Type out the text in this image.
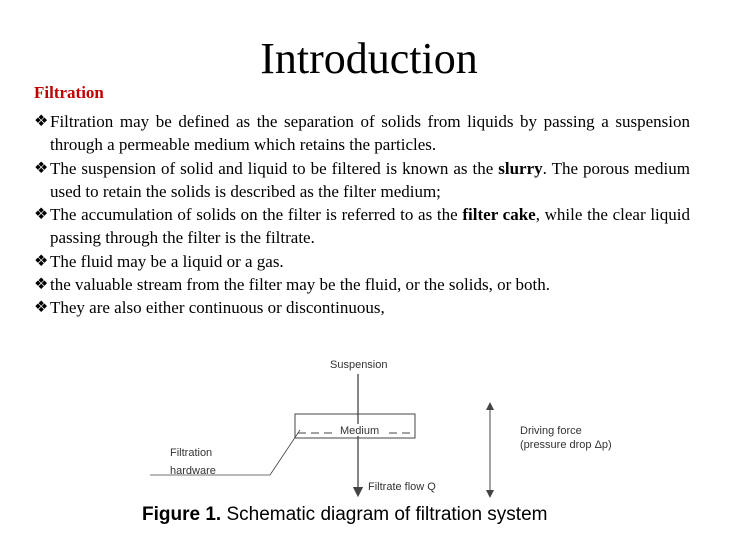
Introduction
Filtration
❖ Filtration may be defined as the separation of solids from liquids by passing a suspension through a permeable medium which retains the particles.
❖ The suspension of solid and liquid to be filtered is known as the slurry. The porous medium used to retain the solids is described as the filter medium;
❖ The accumulation of solids on the filter is referred to as the filter cake, while the clear liquid passing through the filter is the filtrate.
❖ The fluid may be a liquid or a gas.
❖ the valuable stream from the filter may be the fluid, or the solids, or both.
❖ They are also either continuous or discontinuous,
Suspension
Medium
Filtration
hardware
Driving force
(pressure drop Δp)
Filtrate flow Q
Figure 1. Schematic diagram of filtration system
